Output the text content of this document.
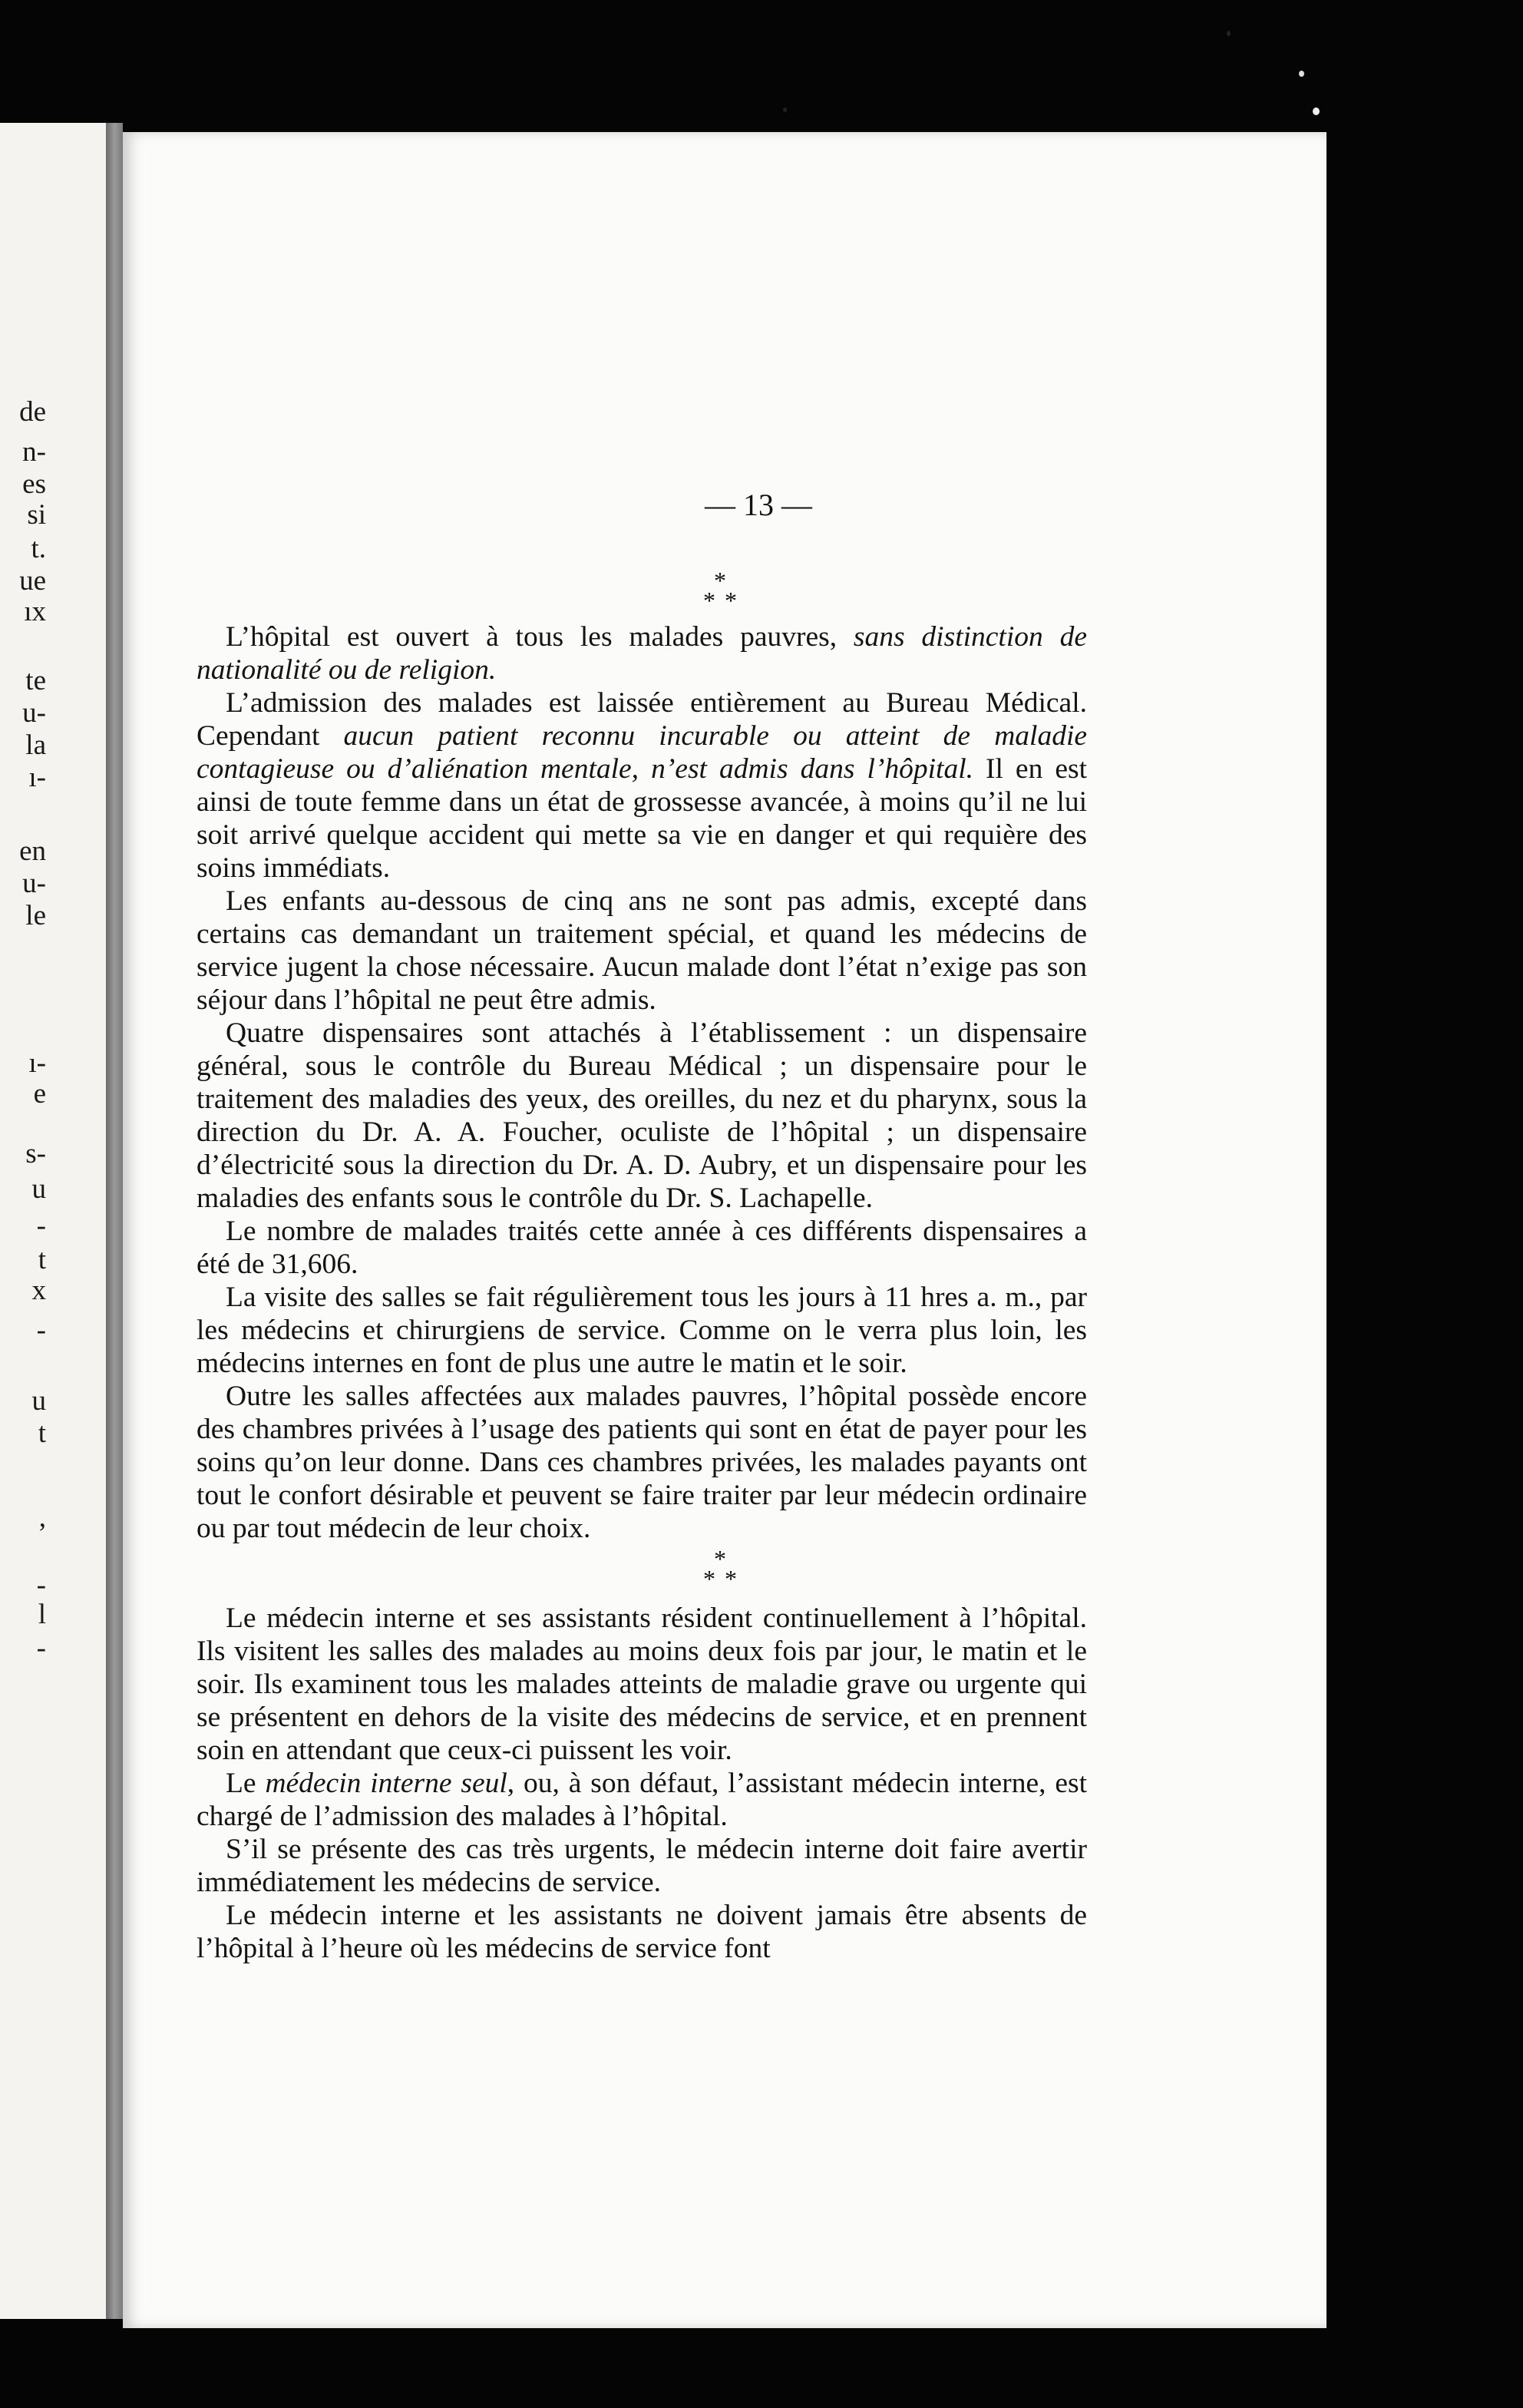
de
n-
es
si
t.
ue
ıx
te
u-
la
ı-
en
u-
le
ı-
e
s-
u
-
t
x
-
u
t
,
-
l
-
— 13 —
*
**

L’hôpital est ouvert à tous les malades pauvres, sans distinction de nationalité ou de religion.

L’admission des malades est laissée entièrement au Bureau Médical. Cependant aucun patient reconnu incurable ou atteint de maladie contagieuse ou d’aliénation mentale, n’est admis dans l’hôpital. Il en est ainsi de toute femme dans un état de grossesse avancée, à moins qu’il ne lui soit arrivé quelque accident qui mette sa vie en danger et qui requière des soins immédiats.

Les enfants au-dessous de cinq ans ne sont pas admis, excepté dans certains cas demandant un traitement spécial, et quand les médecins de service jugent la chose nécessaire. Aucun malade dont l’état n’exige pas son séjour dans l’hôpital ne peut être admis.

Quatre dispensaires sont attachés à l’établissement : un dispensaire général, sous le contrôle du Bureau Médical ; un dispensaire pour le traitement des maladies des yeux, des oreilles, du nez et du pharynx, sous la direction du Dr. A. A. Foucher, oculiste de l’hôpital ; un dispensaire d’électricité sous la direction du Dr. A. D. Aubry, et un dispensaire pour les maladies des enfants sous le contrôle du Dr. S. Lachapelle.

Le nombre de malades traités cette année à ces différents dispensaires a été de 31,606.

La visite des salles se fait régulièrement tous les jours à 11 hres a. m., par les médecins et chirurgiens de service. Comme on le verra plus loin, les médecins internes en font de plus une autre le matin et le soir.

Outre les salles affectées aux malades pauvres, l’hôpital possède encore des chambres privées à l’usage des patients qui sont en état de payer pour les soins qu’on leur donne. Dans ces chambres privées, les malades payants ont tout le confort désirable et peuvent se faire traiter par leur médecin ordinaire ou par tout médecin de leur choix.

*
**

Le médecin interne et ses assistants résident continuellement à l’hôpital. Ils visitent les salles des malades au moins deux fois par jour, le matin et le soir. Ils examinent tous les malades atteints de maladie grave ou urgente qui se présentent en dehors de la visite des médecins de service, et en prennent soin en attendant que ceux-ci puissent les voir.

Le médecin interne seul, ou, à son défaut, l’assistant médecin interne, est chargé de l’admission des malades à l’hôpital.

S’il se présente des cas très urgents, le médecin interne doit faire avertir immédiatement les médecins de service.

Le médecin interne et les assistants ne doivent jamais être absents de l’hôpital à l’heure où les médecins de service font
